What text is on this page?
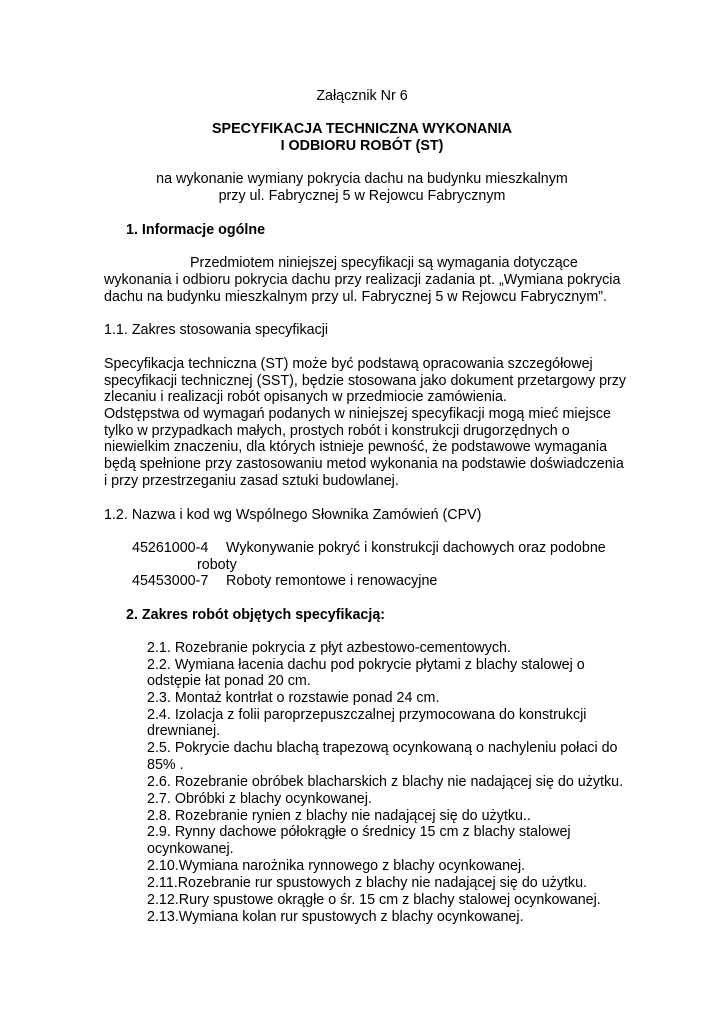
Załącznik Nr 6
SPECYFIKACJA TECHNICZNA WYKONANIA
I ODBIORU ROBÓT (ST)
na wykonanie wymiany pokrycia dachu na budynku mieszkalnym
przy ul. Fabrycznej 5 w Rejowcu Fabrycznym
1. Informacje ogólne
Przedmiotem niniejszej specyfikacji są wymagania dotyczące
wykonania i odbioru pokrycia dachu przy realizacji zadania pt. „Wymiana pokrycia
dachu na budynku mieszkalnym przy ul. Fabrycznej 5 w Rejowcu Fabrycznym”.
1.1. Zakres stosowania specyfikacji
Specyfikacja techniczna (ST) może być podstawą opracowania szczegółowej
specyfikacji technicznej (SST), będzie stosowana jako dokument przetargowy przy
zlecaniu i realizacji robót opisanych w przedmiocie zamówienia.
Odstępstwa od wymagań podanych w niniejszej specyfikacji mogą mieć miejsce
tylko w przypadkach małych, prostych robót i konstrukcji drugorzędnych o
niewielkim znaczeniu, dla których istnieje pewność, że podstawowe wymagania
będą spełnione przy zastosowaniu metod wykonania na podstawie doświadczenia
i przy przestrzeganiu zasad sztuki budowlanej.
1.2. Nazwa i kod wg Wspólnego Słownika Zamówień (CPV)
45261000-4 Wykonywanie pokryć i konstrukcji dachowych oraz podobne
roboty
45453000-7 Roboty remontowe i renowacyjne
2. Zakres robót objętych specyfikacją:
2.1. Rozebranie pokrycia z płyt azbestowo-cementowych.
2.2. Wymiana łacenia dachu pod pokrycie płytami z blachy stalowej o
odstępie łat ponad 20 cm.
2.3. Montaż kontrłat o rozstawie ponad 24 cm.
2.4. Izolacja z folii paroprzepuszczalnej przymocowana do konstrukcji
drewnianej.
2.5. Pokrycie dachu blachą trapezową ocynkowaną o nachyleniu połaci do
85% .
2.6. Rozebranie obróbek blacharskich z blachy nie nadającej się do użytku.
2.7. Obróbki z blachy ocynkowanej.
2.8. Rozebranie rynien z blachy nie nadającej się do użytku..
2.9. Rynny dachowe półokrągłe o średnicy 15 cm z blachy stalowej
ocynkowanej.
2.10.Wymiana narożnika rynnowego z blachy ocynkowanej.
2.11.Rozebranie rur spustowych z blachy nie nadającej się do użytku.
2.12.Rury spustowe okrągłe o śr. 15 cm z blachy stalowej ocynkowanej.
2.13.Wymiana kolan rur spustowych z blachy ocynkowanej.
